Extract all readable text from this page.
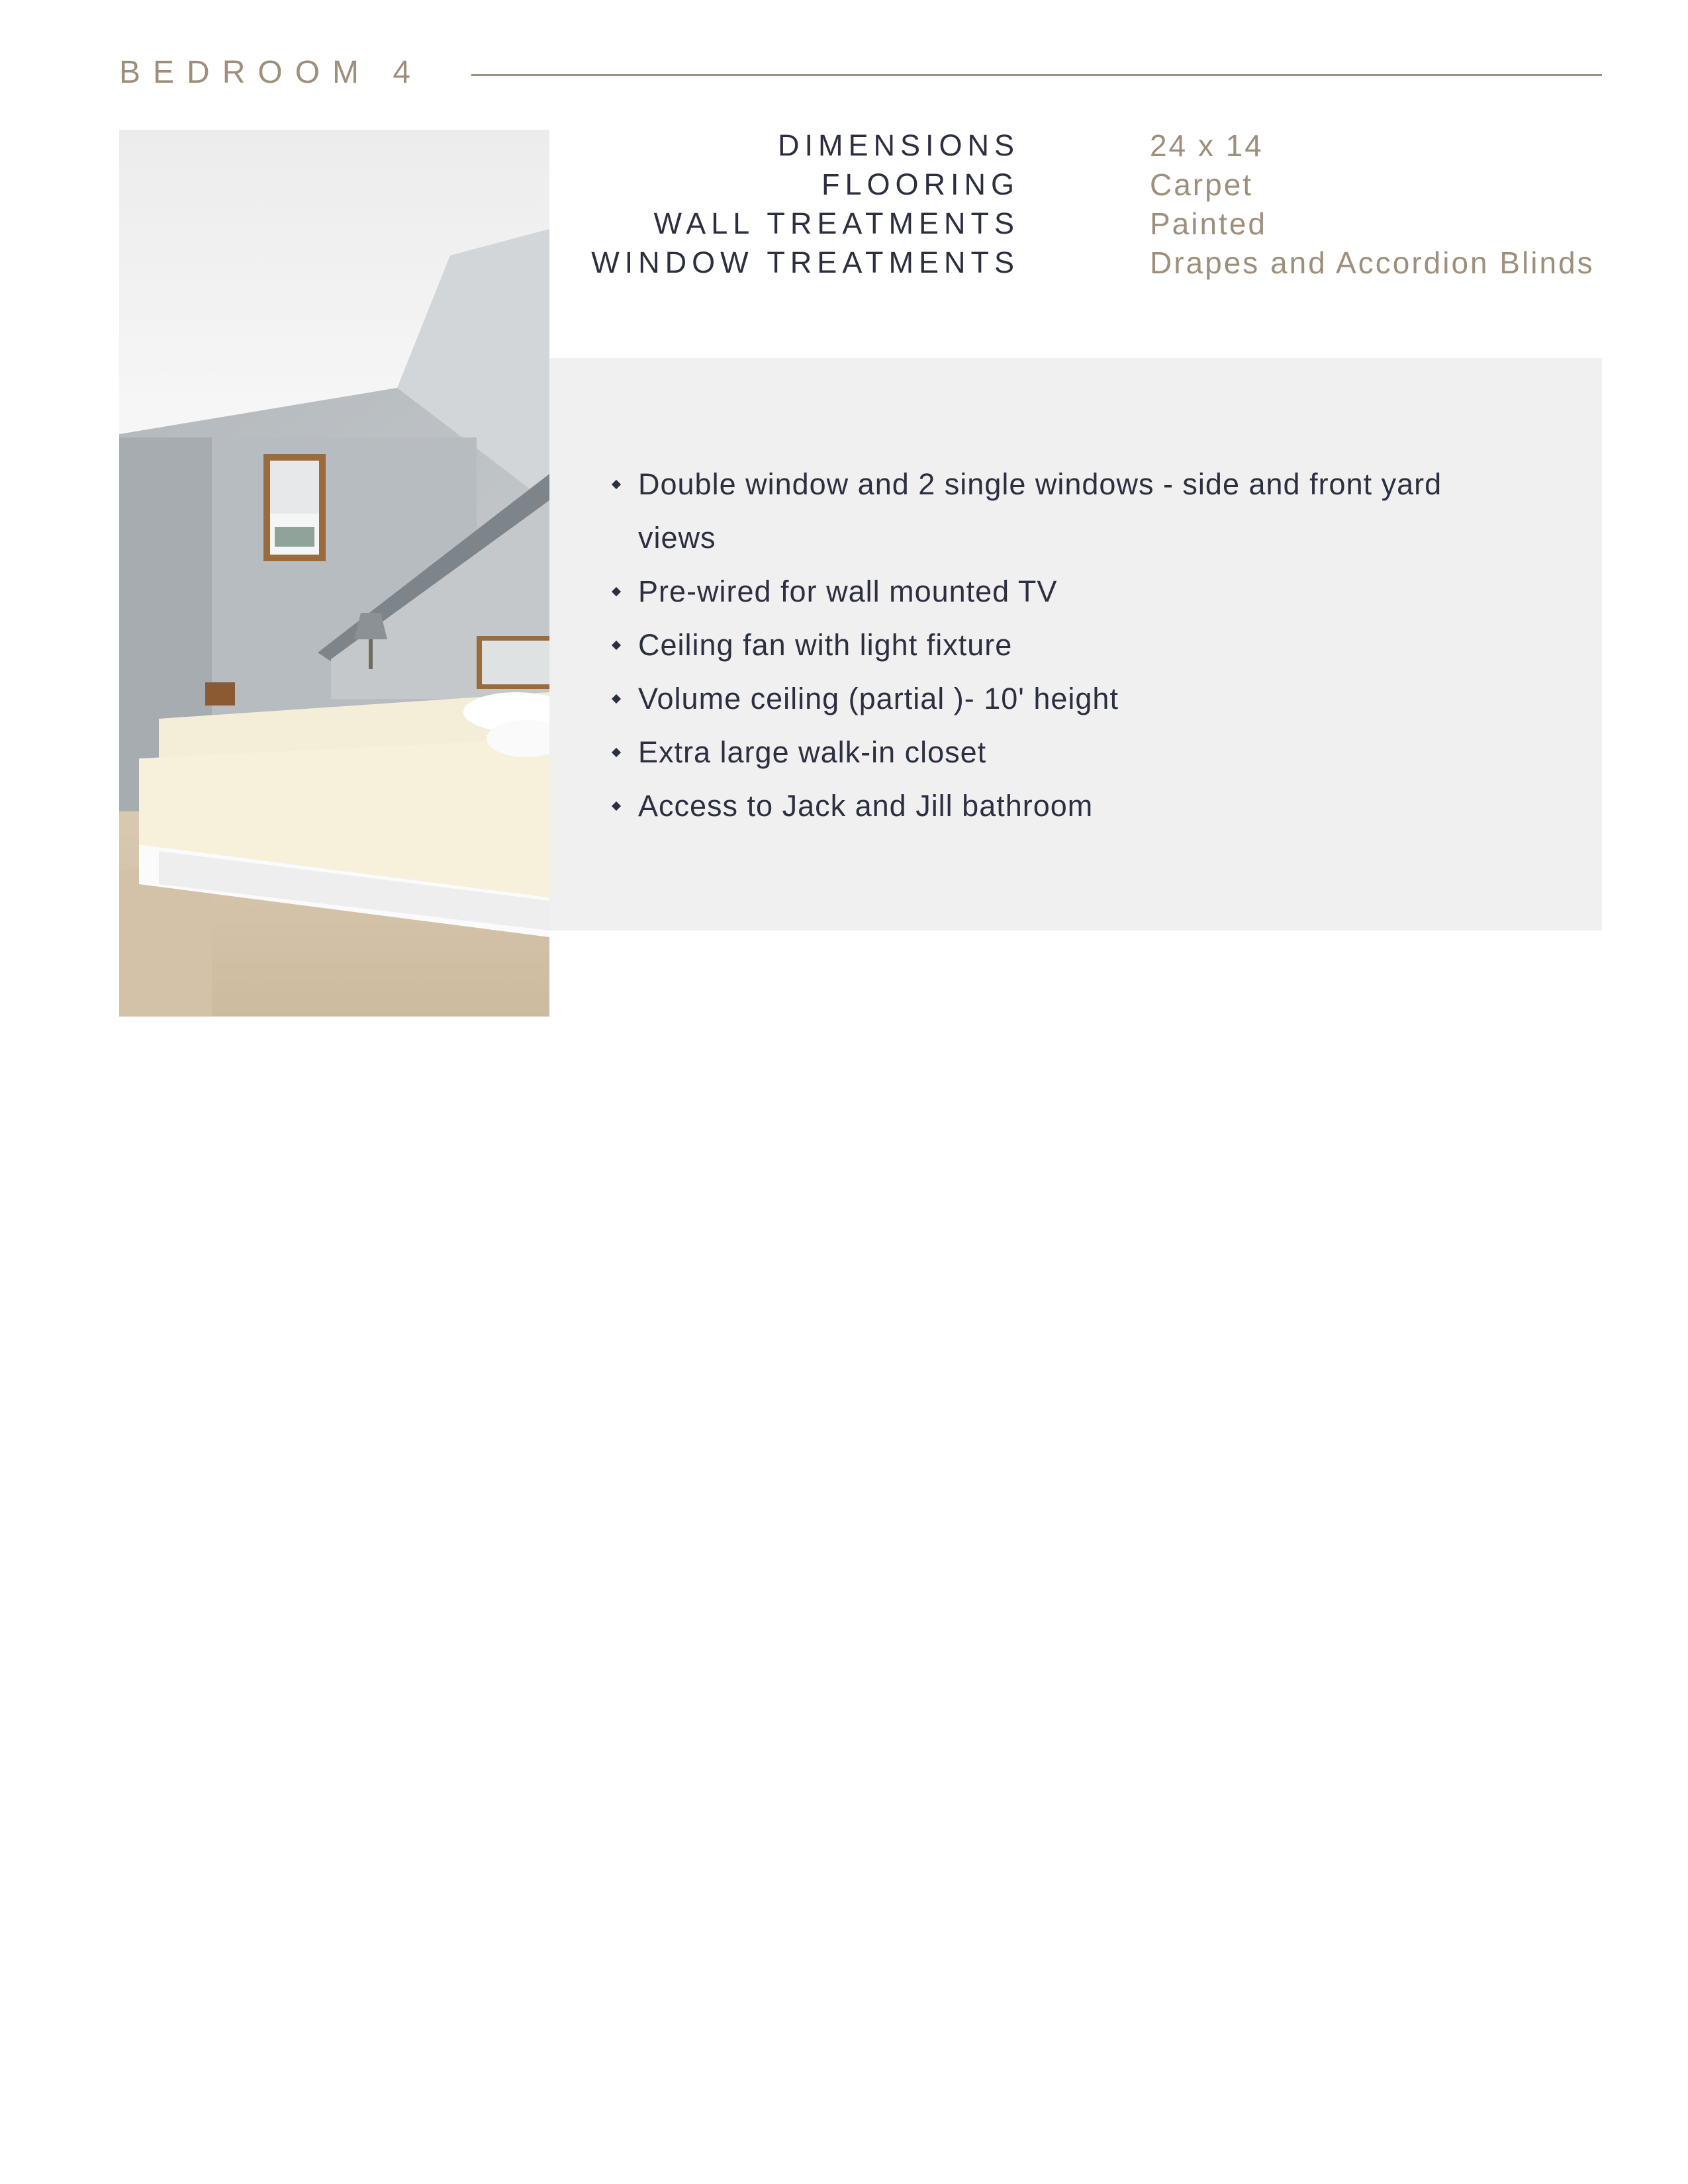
BEDROOM 4
DIMENSIONS	24 x 14
FLOORING	Carpet
WALL TREATMENTS	Painted
WINDOW TREATMENTS	Drapes and Accordion Blinds
Double window and 2 single windows - side and front yard views
Pre-wired for wall mounted TV
Ceiling fan with light fixture
Volume ceiling (partial )- 10' height
Extra large walk-in closet
Access to Jack and Jill bathroom
